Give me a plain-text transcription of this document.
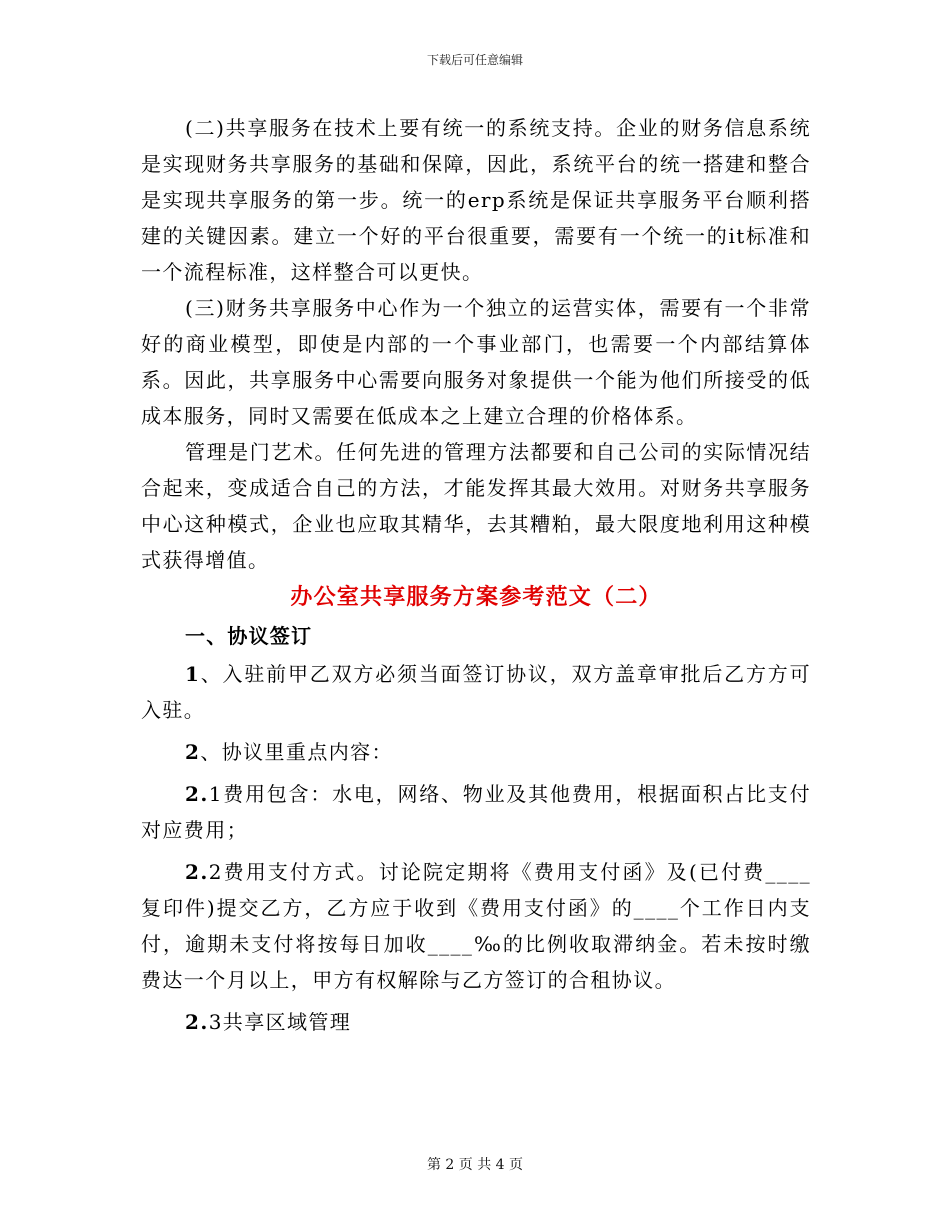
下载后可任意编辑

(二)共享服务在技术上要有统一的系统支持。企业的财务信息系统是实现财务共享服务的基础和保障，因此，系统平台的统一搭建和整合是实现共享服务的第一步。统一的erp系统是保证共享服务平台顺利搭建的关键因素。建立一个好的平台很重要，需要有一个统一的it标准和一个流程标准，这样整合可以更快。

(三)财务共享服务中心作为一个独立的运营实体，需要有一个非常好的商业模型，即使是内部的一个事业部门，也需要一个内部结算体系。因此，共享服务中心需要向服务对象提供一个能为他们所接受的低成本服务，同时又需要在低成本之上建立合理的价格体系。

管理是门艺术。任何先进的管理方法都要和自己公司的实际情况结合起来，变成适合自己的方法，才能发挥其最大效用。对财务共享服务中心这种模式，企业也应取其精华，去其糟粕，最大限度地利用这种模式获得增值。

办公室共享服务方案参考范文（二）

一、协议签订

1、入驻前甲乙双方必须当面签订协议，双方盖章审批后乙方方可入驻。

2、协议里重点内容：

2.1费用包含：水电，网络、物业及其他费用，根据面积占比支付对应费用；

2.2费用支付方式。讨论院定期将《费用支付函》及(已付费____复印件)提交乙方，乙方应于收到《费用支付函》的____个工作日内支付，逾期未支付将按每日加收____‰的比例收取滞纳金。若未按时缴费达一个月以上，甲方有权解除与乙方签订的合租协议。

2.3共享区域管理

第 2 页 共 4 页
